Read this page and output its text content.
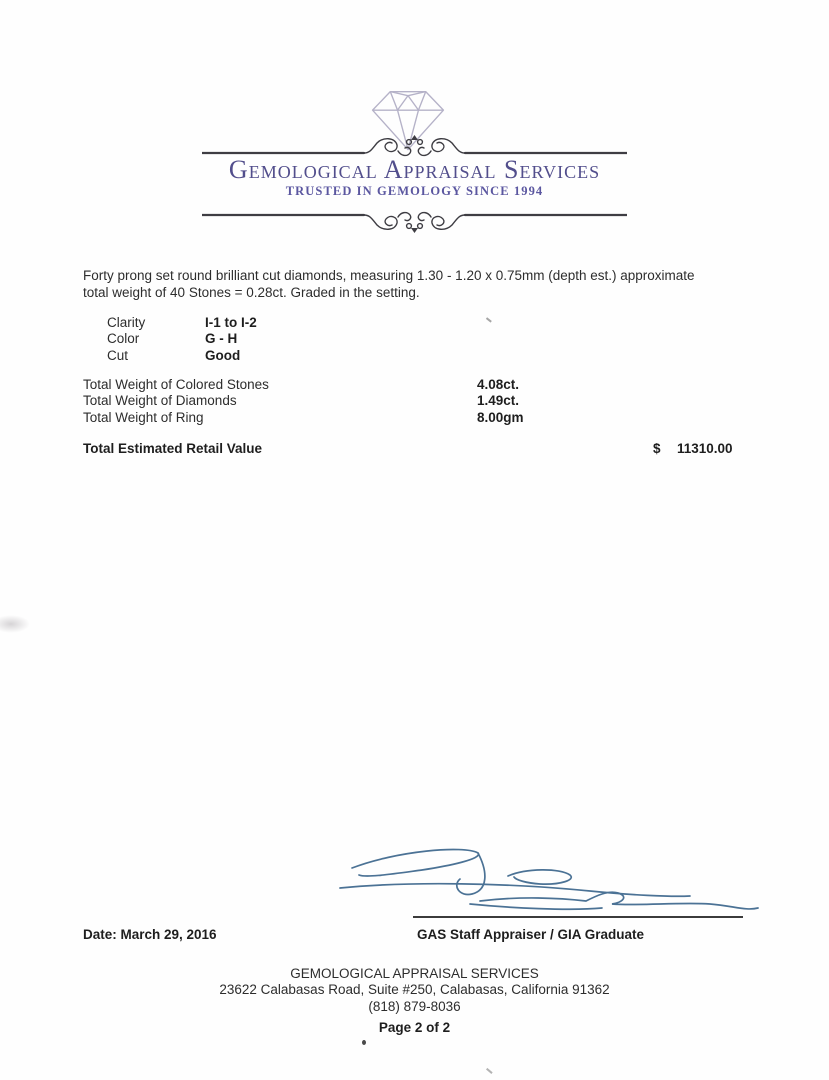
Gemological Appraisal Services
TRUSTED IN GEMOLOGY SINCE 1994

Forty prong set round brilliant cut diamonds, measuring 1.30 - 1.20 x 0.75mm (depth est.) approximate total weight of 40 Stones = 0.28ct. Graded in the setting.

Clarity	I-1 to I-2
Color	G - H
Cut	Good
Total Weight of Colored Stones	4.08ct.
Total Weight of Diamonds	1.49ct.
Total Weight of Ring	8.00gm
Total Estimated Retail Value	$ 11310.00
Date: March 29, 2016	GAS Staff Appraiser / GIA Graduate
GEMOLOGICAL APPRAISAL SERVICES
23622 Calabasas Road, Suite #250, Calabasas, California 91362
(818) 879-8036
Page 2 of 2
